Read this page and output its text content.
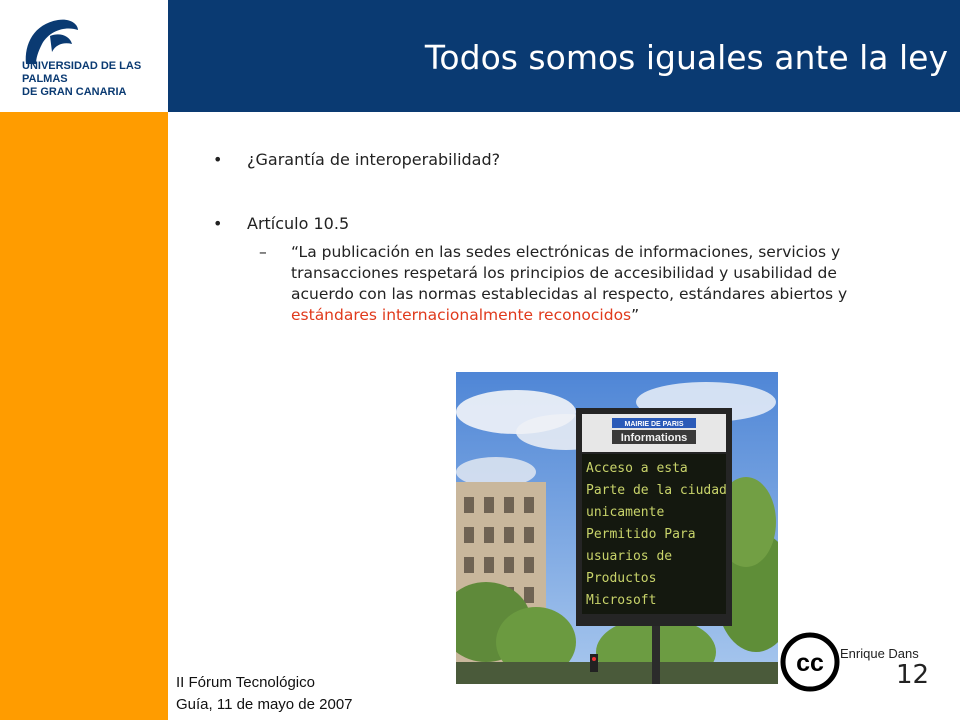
UNIVERSIDAD DE LAS PALMAS
DE GRAN CANARIA
Todos somos iguales ante la ley
• ¿Garantía de interoperabilidad?
• Artículo 10.5
– “La publicación en las sedes electrónicas de informaciones, servicios y transacciones respetará los principios de accesibilidad y usabilidad de acuerdo con las normas establecidas al respecto, estándares abiertos y estándares internacionalmente reconocidos”
MAIRIE DE PARIS
Informations
Acceso a esta
Parte de la ciudad
unicamente
Permitido Para
usuarios de
Productos
Microsoft
II Fórum Tecnológico
Guía, 11 de mayo de 2007
cc Enrique Dans
12
